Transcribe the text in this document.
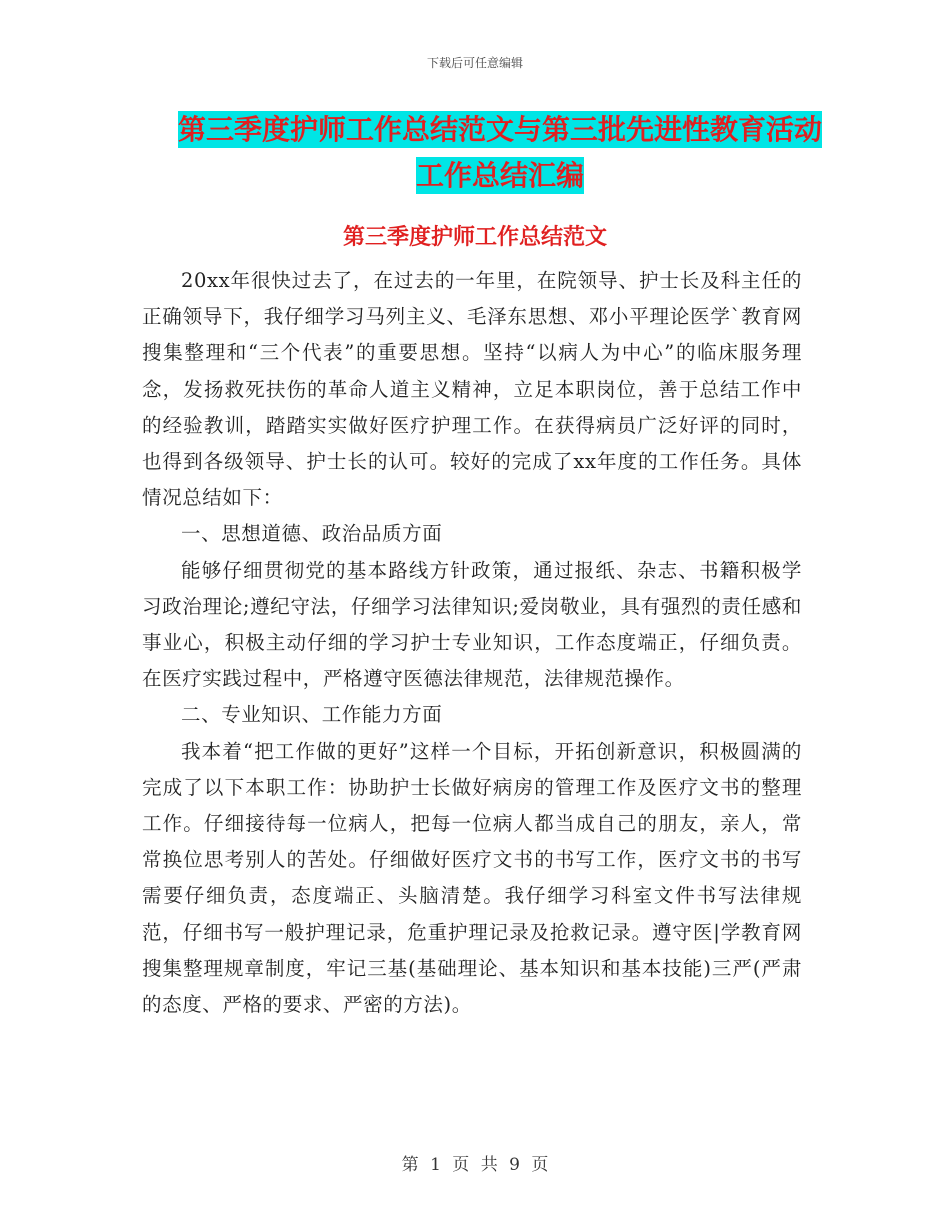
下载后可任意编辑
第三季度护师工作总结范文与第三批先进性教育活动
工作总结汇编
第三季度护师工作总结范文

20xx年很快过去了，在过去的一年里，在院领导、护士长及科主任的正确领导下，我仔细学习马列主义、毛泽东思想、邓小平理论医学`教育网搜集整理和“三个代表”的重要思想。坚持“以病人为中心”的临床服务理念，发扬救死扶伤的革命人道主义精神，立足本职岗位，善于总结工作中的经验教训，踏踏实实做好医疗护理工作。在获得病员广泛好评的同时，也得到各级领导、护士长的认可。较好的完成了xx年度的工作任务。具体情况总结如下：

一、思想道德、政治品质方面

能够仔细贯彻党的基本路线方针政策，通过报纸、杂志、书籍积极学习政治理论;遵纪守法，仔细学习法律知识;爱岗敬业，具有强烈的责任感和事业心，积极主动仔细的学习护士专业知识，工作态度端正，仔细负责。在医疗实践过程中，严格遵守医德法律规范，法律规范操作。

二、专业知识、工作能力方面

我本着“把工作做的更好”这样一个目标，开拓创新意识，积极圆满的完成了以下本职工作：协助护士长做好病房的管理工作及医疗文书的整理工作。仔细接待每一位病人，把每一位病人都当成自己的朋友，亲人，常常换位思考别人的苦处。仔细做好医疗文书的书写工作，医疗文书的书写需要仔细负责，态度端正、头脑清楚。我仔细学习科室文件书写法律规范，仔细书写一般护理记录，危重护理记录及抢救记录。遵守医|学教育网搜集整理规章制度，牢记三基(基础理论、基本知识和基本技能)三严(严肃的态度、严格的要求、严密的方法)。

第 1 页 共 9 页
